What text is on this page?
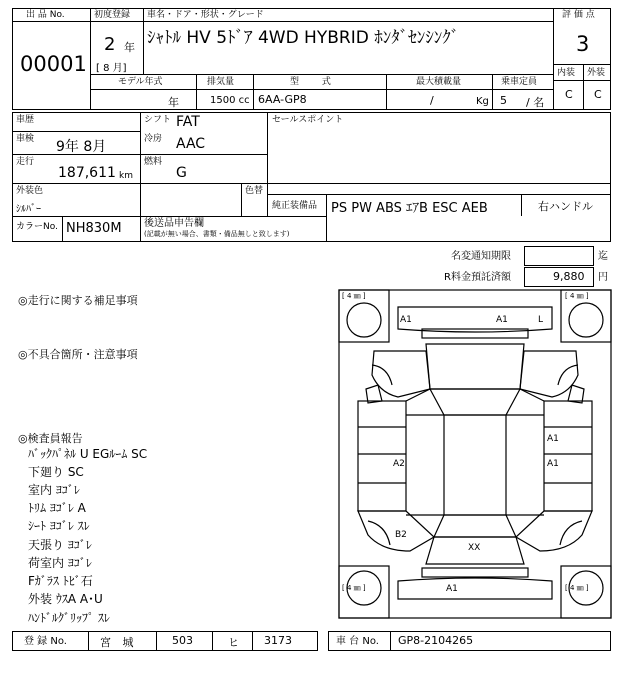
出 品 No.
00001
初度登録
2 年
[ 8 月]
車名・ドア・形状・グレード
ｼｬﾄﾙ HV 5ﾄﾞｱ 4WD HYBRID ﾎﾝﾀﾞｾﾝｼﾝｸﾞ
評 価 点
3
内装 外装
C C
モデル年式
年
排気量
1500 cc
型 式
6AA-GP8
最大積載量
/	Kg
乗車定員
5 / 名
車歴
車検 9年 8月
走行
187,611 km
シフト FAT
冷房 AAC
燃料
G
セールスポイント
外装色
ｼﾙﾊﾞｰ
色替
純正装備品 PS PW ABS ｴｱB ESC AEB	右ハンドル
カラーNo. NH830M 後送品申告欄
(記載が無い場合、書類・備品無しと致します)
名変通知期限	迄
R料金預託済額	9,880 円
◎走行に関する補足事項
◎不具合箇所・注意事項
◎検査員報告
ﾊﾞｯｸﾊﾟﾈﾙ U EGﾙｰﾑ SC
下廻り SC
室内 ﾖｺﾞﾚ
ﾄﾘﾑ ﾖｺﾞﾚ A
ｼｰﾄ ﾖｺﾞﾚ ｽﾚ
天張り ﾖｺﾞﾚ
荷室内 ﾖｺﾞﾚ
Fｶﾞﾗｽ ﾄﾋﾞ石
外装 ｳｽA A･U
ﾊﾝﾄﾞﾙｸﾞﾘｯﾌﾟ ｽﾚ
[ 4 ㎜ ]	[ 4 ㎜ ]
[ 4 ㎜ ]	[ 4 ㎜ ]
A1	A1	L
A1
A1
A2
B2
XX
A1
登 録 No.	宮 城	503	ヒ 3173	車 台 No. GP8-2104265
